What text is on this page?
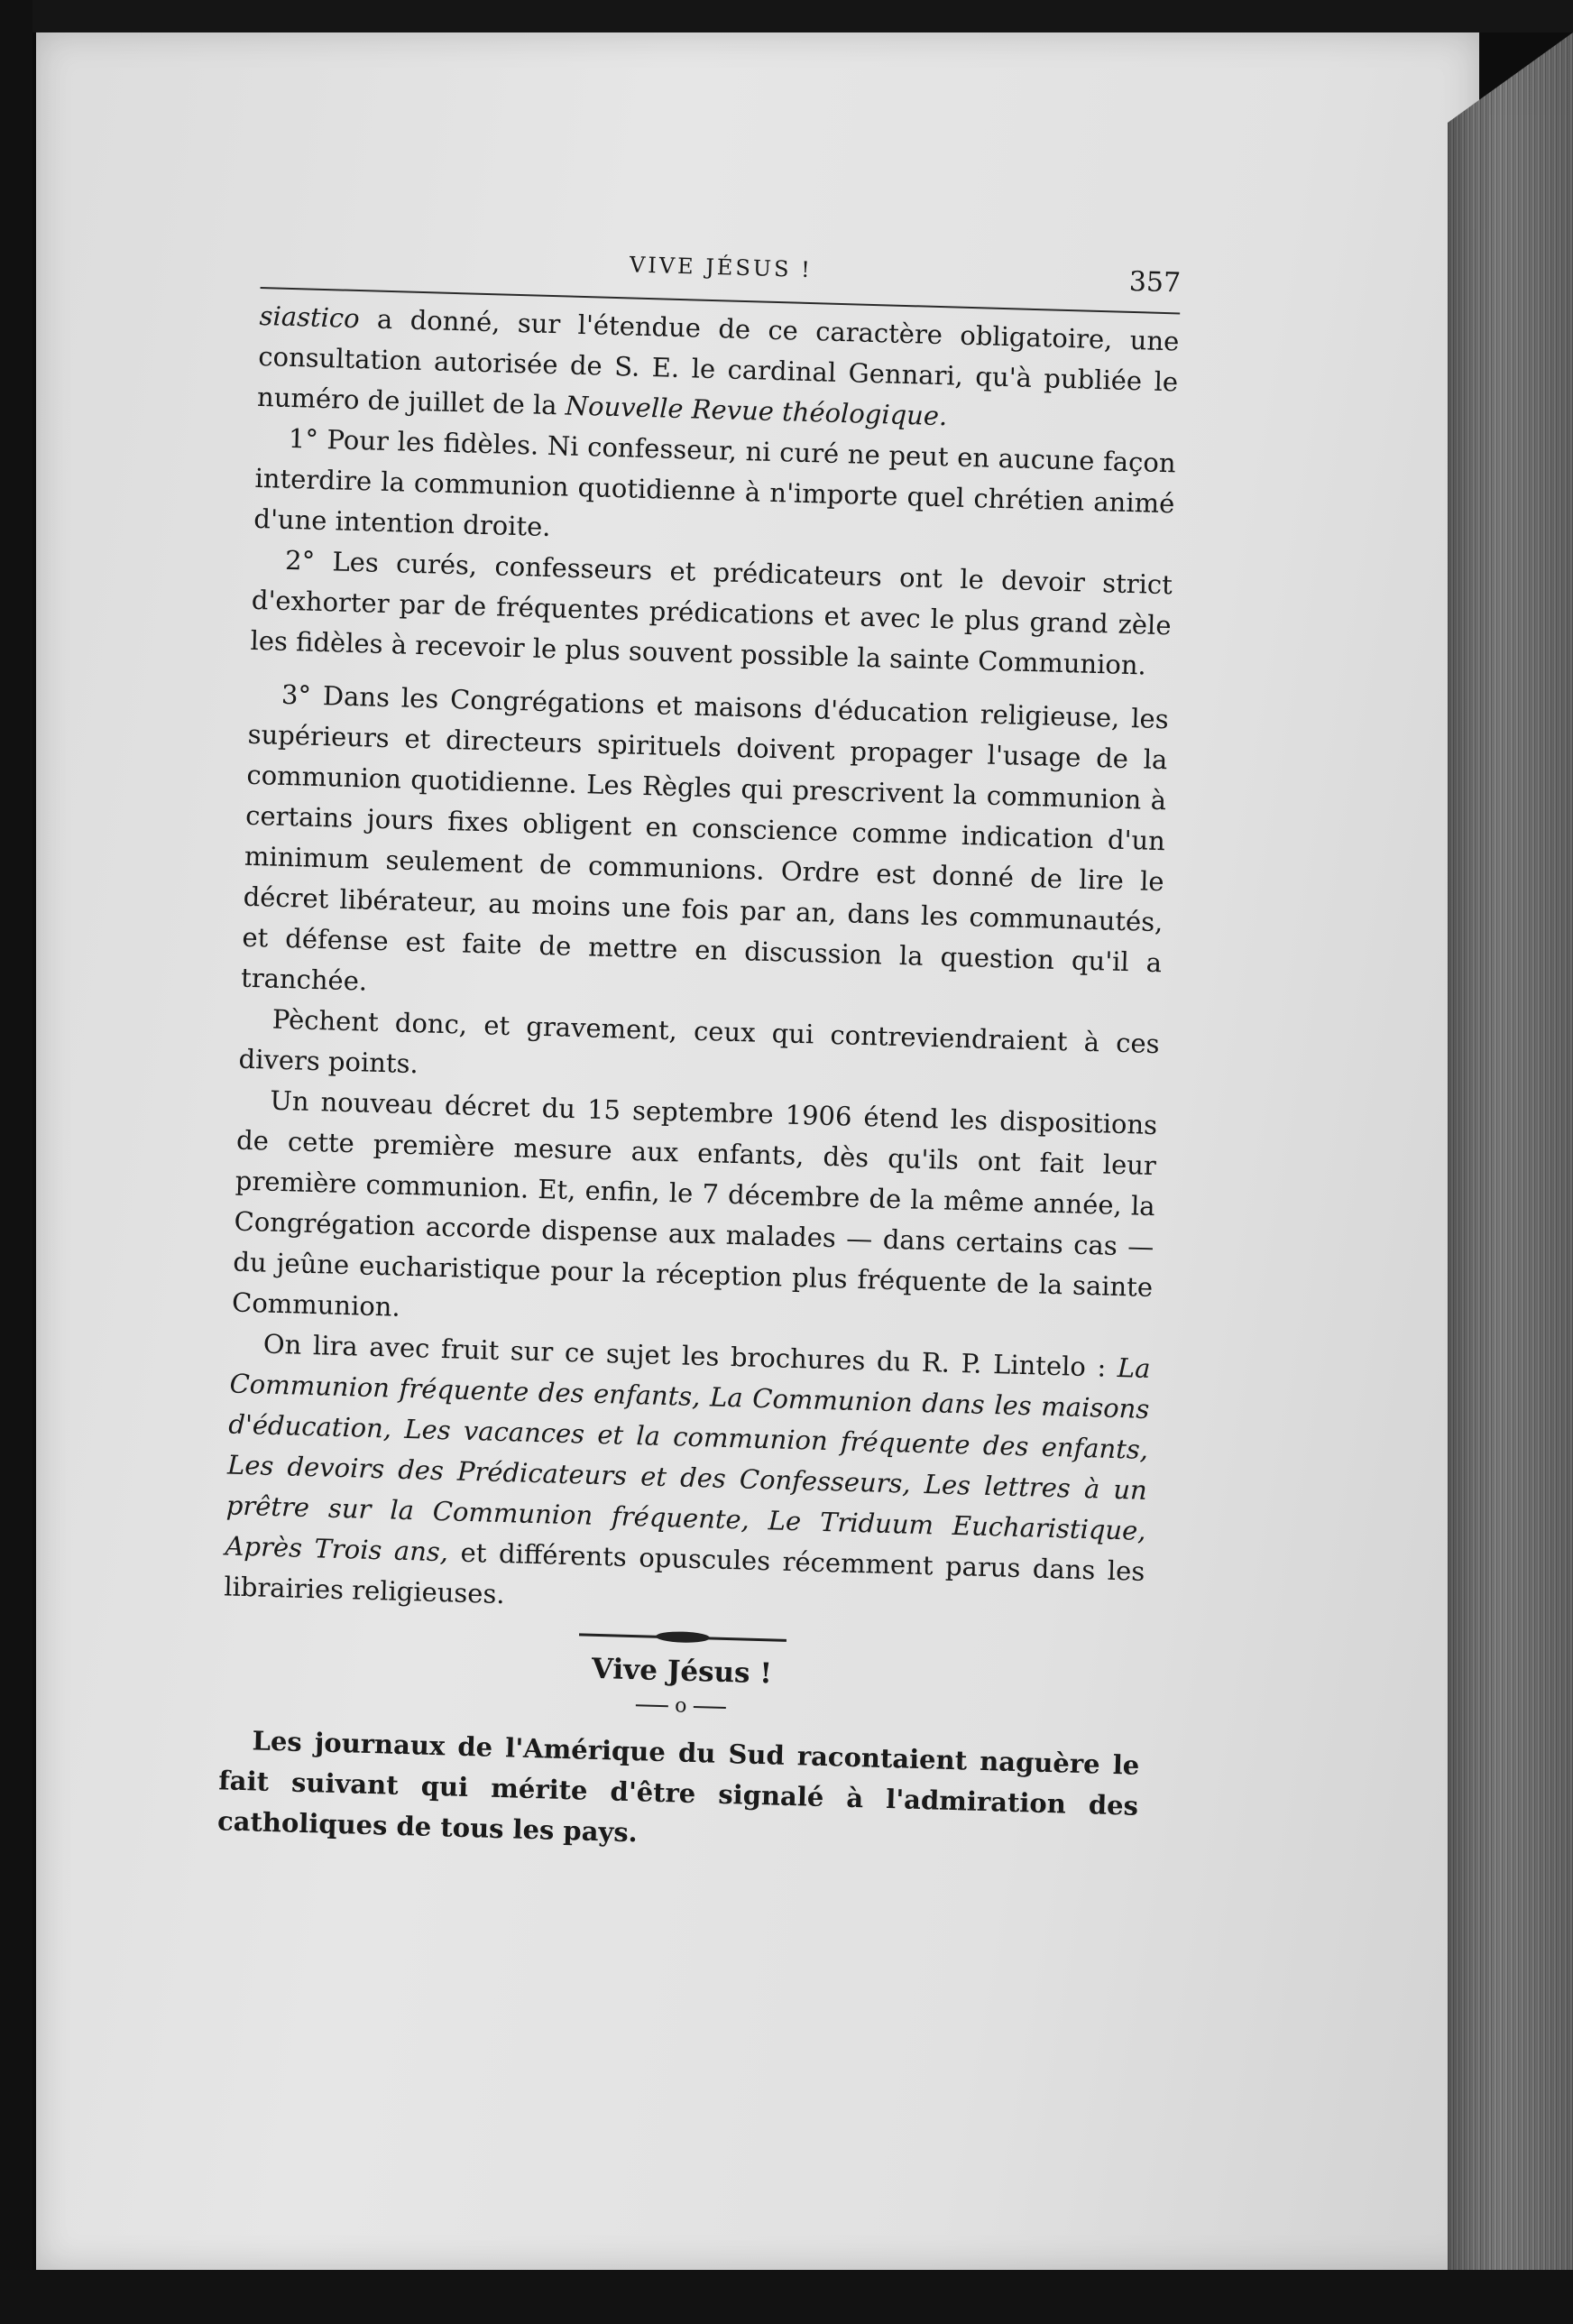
VIVE JÉSUS !	357

siastico a donné, sur l'étendue de ce caractère obligatoire, une consultation autorisée de S. E. le cardinal Gennari, qu'à publiée le numéro de juillet de la Nouvelle Revue théologique.

1° Pour les fidèles. Ni confesseur, ni curé ne peut en aucune façon interdire la communion quotidienne à n'importe quel chrétien animé d'une intention droite.

2° Les curés, confesseurs et prédicateurs ont le devoir strict d'exhorter par de fréquentes prédications et avec le plus grand zèle les fidèles à recevoir le plus souvent possible la sainte Communion.

3° Dans les Congrégations et maisons d'éducation religieuse, les supérieurs et directeurs spirituels doivent propager l'usage de la communion quotidienne. Les Règles qui prescrivent la communion à certains jours fixes obligent en conscience comme indication d'un minimum seulement de communions. Ordre est donné de lire le décret libérateur, au moins une fois par an, dans les communautés, et défense est faite de mettre en discussion la question qu'il a tranchée.

Pèchent donc, et gravement, ceux qui contreviendraient à ces divers points.

Un nouveau décret du 15 septembre 1906 étend les dispositions de cette première mesure aux enfants, dès qu'ils ont fait leur première communion. Et, enfin, le 7 décembre de la même année, la Congrégation accorde dispense aux malades — dans certains cas — du jeûne eucharistique pour la réception plus fréquente de la sainte Communion.

On lira avec fruit sur ce sujet les brochures du R. P. Lintelo : La Communion fréquente des enfants, La Communion dans les maisons d'éducation, Les vacances et la communion fréquente des enfants, Les devoirs des Prédicateurs et des Confesseurs, Les lettres à un prêtre sur la Communion fréquente, Le Triduum Eucharistique, Après Trois ans, et différents opuscules récemment parus dans les librairies religieuses.

Vive Jésus !
o

Les journaux de l'Amérique du Sud racontaient naguère le fait suivant qui mérite d'être signalé à l'admiration des catholiques de tous les pays.
